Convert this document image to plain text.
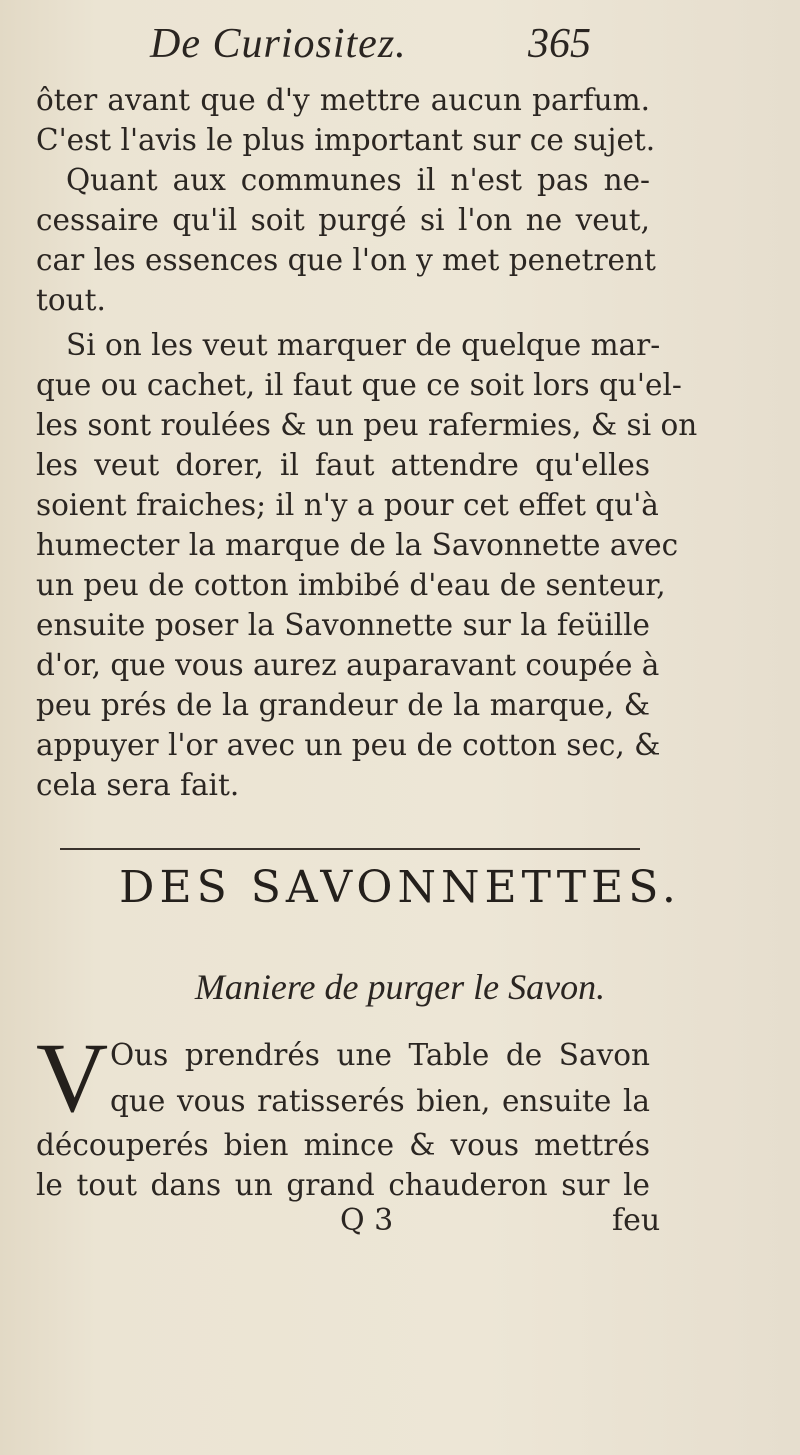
De Curiositez.	365
ôter avant que d'y mettre aucun parfum.
C'est l'avis le plus important sur ce sujet.
Quant aux communes il n'est pas ne-
cessaire qu'il soit purgé si l'on ne veut,
car les essences que l'on y met penetrent
tout.
Si on les veut marquer de quelque mar-
que ou cachet, il faut que ce soit lors qu'el-
les sont roulées & un peu rafermies, & si on
les veut dorer, il faut attendre qu'elles
soient fraiches; il n'y a pour cet effet qu'à
humecter la marque de la Savonnette avec
un peu de cotton imbibé d'eau de senteur,
ensuite poser la Savonnette sur la feüille
d'or, que vous aurez auparavant coupée à
peu prés de la grandeur de la marque, &
appuyer l'or avec un peu de cotton sec, &
cela sera fait.
DES SAVONNETTES.
Maniere de purger le Savon.
V Ous prendrés une Table de Savon
que vous ratisserés bien, ensuite la
découperés bien mince & vous mettrés
le tout dans un grand chauderon sur le
Q 3	feu
